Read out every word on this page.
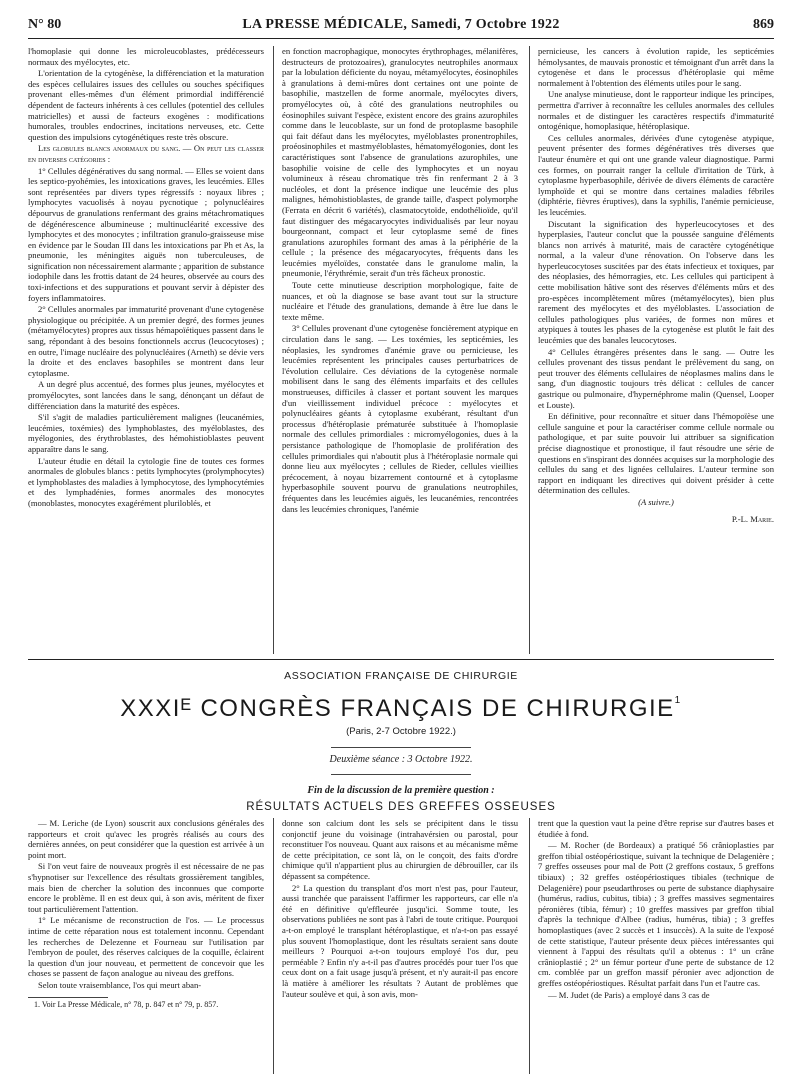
N° 80	LA PRESSE MÉDICALE, Samedi, 7 Octobre 1922	869

l'homoplasie qui donne les microleucoblastes, prédécesseurs normaux des myélocytes, etc.

L'orientation de la cytogénèse, la différenciation et la maturation des espèces cellulaires issues des cellules ou souches spécifiques provenant elles-mêmes d'un élément primordial indifférencié dépendent de facteurs inhérents à ces cellules (potentiel des cellules matricielles) et aussi de facteurs exogènes : modifications humorales, troubles endocrines, incitations nerveuses, etc. Cette question des impulsions cytogénétiques reste très obscure.

Les globules blancs anormaux du sang. — On peut les classer en diverses catégories :

1° Cellules dégénératives du sang normal. — Elles se voient dans les septico-pyohémies, les intoxications graves, les leucémies. Elles sont représentées par divers types régressifs : noyaux libres ; lymphocytes vacuolisés à noyau pycnotique ; polynucléaires dépourvus de granulations renfermant des grains métachromatiques de dégénérescence albumineuse ; multinucléarité excessive des lymphocytes et des monocytes ; infiltration granulo-graisseuse mise en évidence par le Soudan III dans les intoxications par Ph et As, la pneumonie, les méningites aiguës non tuberculeuses, de signification non nécessairement alarmante ; apparition de substance iodophile dans les frottis datant de 24 heures, observée au cours des toxi-infections et des suppurations et pouvant servir à dépister des foyers inflammatoires.

2° Cellules anormales par immaturité provenant d'une cytogenèse physiologique ou précipitée. A un premier degré, des formes jeunes (métamyélocytes) propres aux tissus hémapoïétiques passent dans le sang, répondant à des besoins fonctionnels accrus (leucocytoses) ; en outre, l'image nucléaire des polynucléaires (Arneth) se dévie vers la droite et des enclaves basophiles se montrent dans leur cytoplasme.

A un degré plus accentué, des formes plus jeunes, myélocytes et promyélocytes, sont lancées dans le sang, dénonçant un défaut de différenciation dans la maturité des espèces.

S'il s'agit de maladies particulièrement malignes (leucanémies, leucémies, toxémies) des lymphoblastes, des myéloblastes, des myélogonies, des érythroblastes, des hémohistioblastes peuvent apparaître dans le sang.

L'auteur étudie en détail la cytologie fine de toutes ces formes anormales de globules blancs : petits lymphocytes (prolymphocytes) et lymphoblastes des maladies à lymphocytose, des lymphocytémies et des lymphadénies, formes anormales des monocytes (monoblastes, monocytes exagérément pluriloblés, et

en fonction macrophagique, monocytes érythrophages, mélanifères, destructeurs de protozoaires), granulocytes neutrophiles anormaux par la lobulation déficiente du noyau, métamyélocytes, éosinophiles à granulations à demi-mûres dont certaines ont une pointe de basophilie, mastzellen de forme anormale, myélocytes divers, promyélocytes où, à côté des granulations neutrophiles ou éosinophiles suivant l'espèce, existent encore des grains azurophiles comme dans le leucoblaste, sur un fond de protoplasme basophile qui fait défaut dans les myélocytes, myéloblastes pronentrophiles, proéosinophiles et mastmyéloblastes, hématomyélogonies, dont les caractéristiques sont l'absence de granulations azurophiles, une basophilie voisine de celle des lymphocytes et un noyau volumineux à réseau chromatique très fin renfermant 2 à 3 nucléoles, et dont la présence indique une leucémie des plus malignes, hémohistioblastes, de grande taille, d'aspect polymorphe (Ferrata en décrit 6 variétés), clasmatocytoïde, endothélioïde, qu'il faut distinguer des mégacaryocytes individualisés par leur noyau bourgeonnant, compact et leur cytoplasme semé de fines granulations azurophiles formant des amas à la périphérie de la cellule ; la présence des mégacaryocytes, fréquents dans les leucémies myéloïdes, constatée dans le granulome malin, la pneumonie, l'érythrémie, serait d'un très fâcheux pronostic.

Toute cette minutieuse description morphologique, faite de nuances, et où la diagnose se base avant tout sur la structure nucléaire et l'étude des granulations, demande à être lue dans le texte même.

3° Cellules provenant d'une cytogenèse foncièrement atypique en circulation dans le sang. — Les toxémies, les septicémies, les néoplasies, les syndromes d'anémie grave ou pernicieuse, les leucémies représentent les principales causes perturbatrices de l'évolution cellulaire. Ces déviations de la cytogenèse normale mobilisent dans le sang des éléments imparfaits et des cellules monstrueuses, difficiles à classer et portant souvent les marques d'un vieillissement individuel précoce : myélocytes et polynucléaires géants à cytoplasme exubérant, résultant d'un processus d'hétéroplasie prématurée substituée à l'homoplasie normale des cellules primordiales : micromyélogonies, dues à la persistance pathologique de l'homoplasie de prolifération des cellules primordiales qui n'aboutit plus à l'hétéroplasie normale qui donne lieu aux myélocytes ; cellules de Rieder, cellules vieillies précocement, à noyau bizarrement contourné et à cytoplasme hyperbasophile souvent pourvu de granulations neutrophiles, fréquentes dans les leucémies aiguës, les leucanémies, rencontrées dans les leucémies chroniques, l'anémie

pernicieuse, les cancers à évolution rapide, les septicémies hémolysantes, de mauvais pronostic et témoignant d'un arrêt dans la cytogenèse et dans le processus d'hétéroplasie qui même normalement à l'obtention des éléments utiles pour le sang.

Une analyse minutieuse, dont le rapporteur indique les principes, permettra d'arriver à reconnaître les cellules anormales des cellules normales et de distinguer les caractères respectifs d'immaturité ontogénique, homoplasique, hétéroplasique.

Ces cellules anormales, dérivées d'une cytogenèse atypique, peuvent présenter des formes dégénératives très diverses que l'auteur énumère et qui ont une grande valeur diagnostique. Parmi ces formes, on pourrait ranger la cellule d'irritation de Türk, à cytoplasme hyperbasophile, dérivée de divers éléments de caractère lymphoïde et qui se montre dans certaines maladies fébriles (diphtérie, fièvres éruptives), dans la syphilis, l'anémie pernicieuse, les leucémies.

Discutant la signification des hyperleucocytoses et des hyperplasies, l'auteur conclut que la poussée sanguine d'éléments blancs non arrivés à maturité, mais de caractère cytogénétique normal, a la valeur d'une rénovation. On l'observe dans les hyperleucocytoses suscitées par des états infectieux et toxiques, par des néoplasies, des hémorragies, etc. Les cellules qui participent à cette mobilisation hâtive sont des réserves d'éléments mûrs et des pro-espèces incomplètement mûres (métamyélocytes), bien plus rarement des myélocytes et des myéloblastes. L'association de cellules pathologiques plus variées, de formes non mûres et atypiques à toutes les phases de la cytogenèse est plutôt le fait des leucémies que des banales leucocytoses.

4° Cellules étrangères présentes dans le sang. — Outre les cellules provenant des tissus pendant le prélèvement du sang, on peut trouver des éléments cellulaires de néoplasmes malins dans le sang, d'un diagnostic toujours très délicat : cellules de cancer gastrique ou pulmonaire, d'hypernéphrome malin (Quensel, Looper et Louste).

En définitive, pour reconnaître et situer dans l'hémopoïèse une cellule sanguine et pour la caractériser comme cellule normale ou pathologique, et par suite pouvoir lui attribuer sa signification précise diagnostique et pronostique, il faut résoudre une série de questions en s'inspirant des données acquises sur la morphologie des cellules du sang et des lignées cellulaires. L'auteur termine son rapport en indiquant les directives qui doivent présider à cette détermination des cellules.

(A suivre.)
P.-L. Marie.
ASSOCIATION FRANÇAISE DE CHIRURGIE
XXXIᴱ CONGRÈS FRANÇAIS DE CHIRURGIE$^1$
(Paris, 2-7 Octobre 1922.)
Deuxième séance : 3 Octobre 1922.
Fin de la discussion de la première question :
RÉSULTATS ACTUELS DES GREFFES OSSEUSES

— M. Leriche (de Lyon) souscrit aux conclusions générales des rapporteurs et croit qu'avec les progrès réalisés au cours des dernières années, on peut considérer que la question est arrivée à un point mort.

Si l'on veut faire de nouveaux progrès il est nécessaire de ne pas s'hypnotiser sur l'excellence des résultats grossièrement tangibles, mais bien de chercher la solution des inconnues que comporte encore le problème. Il en est deux qui, à son avis, méritent de fixer tout particulièrement l'attention.

1° Le mécanisme de reconstruction de l'os. — Le processus intime de cette réparation nous est totalement inconnu. Cependant les recherches de Delezenne et Fourneau sur l'utilisation par l'embryon de poulet, des réserves calciques de la coquille, éclairent la question d'un jour nouveau, et permettent de concevoir que les choses se passent de façon analogue au niveau des greffons.

Selon toute vraisemblance, l'os qui meurt aban-

1. Voir La Presse Médicale, n° 78, p. 847 et n° 79, p. 857.

donne son calcium dont les sels se précipitent dans le tissu conjonctif jeune du voisinage (intrahavérsien ou parostal, pour reconstituer l'os nouveau. Quant aux raisons et au mécanisme même de cette précipitation, ce sont là, on le conçoit, des faits d'ordre chimique qu'il n'appartient plus au chirurgien de débrouiller, car ils dépassent sa compétence.

2° La question du transplant d'os mort n'est pas, pour l'auteur, aussi tranchée que paraissent l'affirmer les rapporteurs, car elle n'a été en définitive qu'effleurée jusqu'ici. Somme toute, les observations publiées ne sont pas à l'abri de toute critique. Pourquoi a-t-on employé le transplant hétéroplastique, et n'a-t-on pas essayé plus souvent l'homoplastique, dont les résultats seraient sans doute meilleurs ? Pourquoi a-t-on toujours employé l'os dur, peu perméable ? Enfin n'y a-t-il pas d'autres procédés pour tuer l'os que ceux dont on a fait usage jusqu'à présent, et n'y aurait-il pas encore là matière à améliorer les résultats ? Autant de problèmes que l'auteur soulève et qui, à son avis, mon-

trent que la question vaut la peine d'être reprise sur d'autres bases et étudiée à fond.

— M. Rocher (de Bordeaux) a pratiqué 56 crânioplasties par greffon tibial ostéopériostique, suivant la technique de Delagenière ; 7 greffes osseuses pour mal de Pott (2 greffons costaux, 5 greffons tibiaux) ; 32 greffes ostéopériostiques tibiales (technique de Delagenière) pour pseudarthroses ou perte de substance diaphysaire (humérus, radius, cubitus, tibia) ; 3 greffes massives segmentaires péronières (tibia, fémur) ; 10 greffes massives par greffon tibial d'après la technique d'Albee (radius, humérus, tibia) ; 3 greffes homoplastiques (avec 2 succès et 1 insuccès). A la suite de l'exposé de cette statistique, l'auteur présente deux pièces intéressantes qui viennent à l'appui des résultats qu'il a obtenus : 1° un crâne crânioplastié ; 2° un fémur porteur d'une perte de substance de 12 cm. comblée par un greffon massif péronier avec adjonction de greffes ostéopériostiques. Résultat parfait dans l'un et l'autre cas.

— M. Judet (de Paris) a employé dans 3 cas de
